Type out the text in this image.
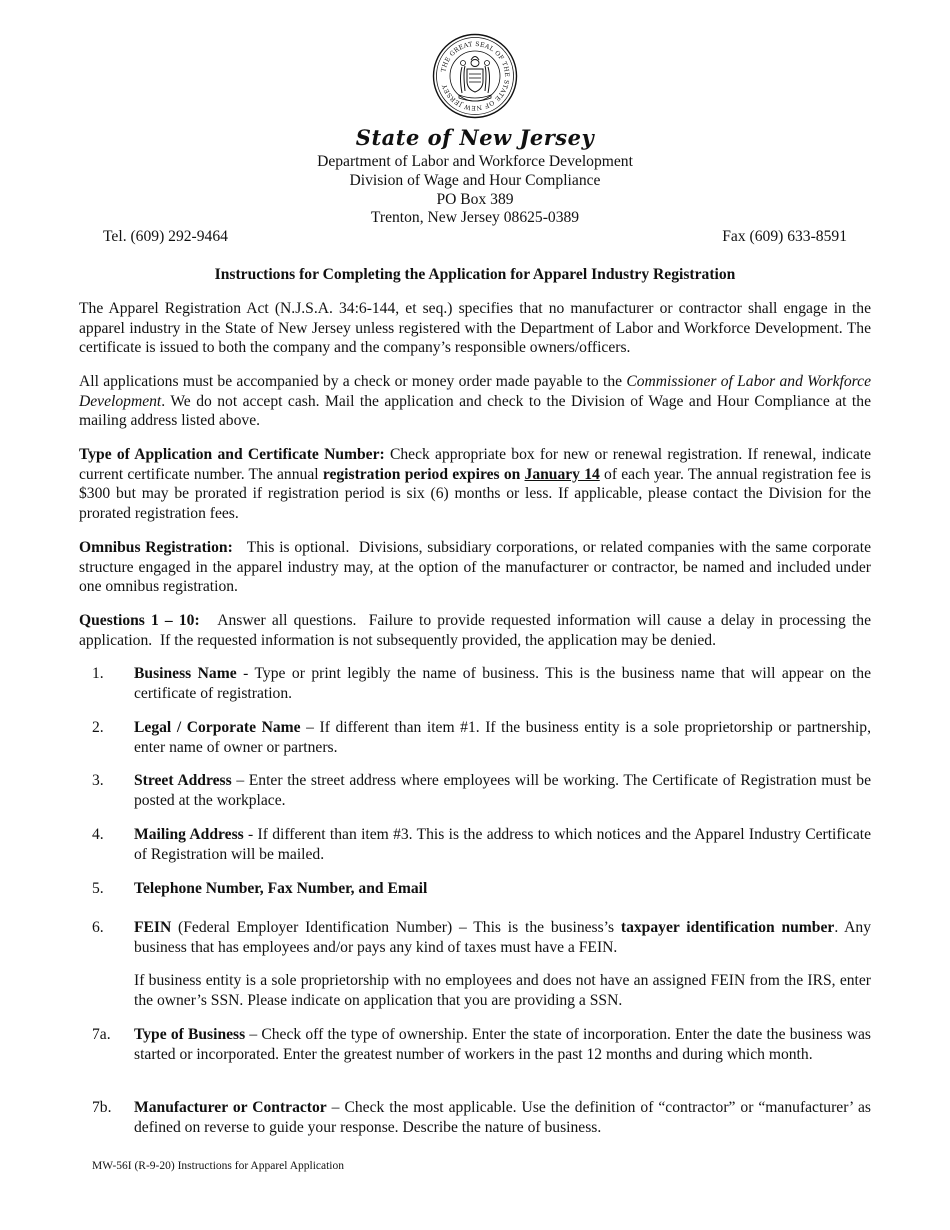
THE GREAT SEAL OF THE STATE OF NEW JERSEY
State of New Jersey
Department of Labor and Workforce Development
Division of Wage and Hour Compliance
PO Box 389
Trenton, New Jersey 08625-0389
Tel. (609) 292-9464	Fax (609) 633-8591
Instructions for Completing the Application for Apparel Industry Registration
The Apparel Registration Act (N.J.S.A. 34:6-144, et seq.) specifies that no manufacturer or contractor shall engage in the apparel industry in the State of New Jersey unless registered with the Department of Labor and Workforce Development. The certificate is issued to both the company and the company’s responsible owners/officers.
All applications must be accompanied by a check or money order made payable to the Commissioner of Labor and Workforce Development. We do not accept cash. Mail the application and check to the Division of Wage and Hour Compliance at the mailing address listed above.
Type of Application and Certificate Number: Check appropriate box for new or renewal registration. If renewal, indicate current certificate number. The annual registration period expires on January 14 of each year. The annual registration fee is $300 but may be prorated if registration period is six (6) months or less. If applicable, please contact the Division for the prorated registration fees.
Omnibus Registration:   This is optional.  Divisions, subsidiary corporations, or related companies with the same corporate structure engaged in the apparel industry may, at the option of the manufacturer or contractor, be named and included under one omnibus registration.
Questions 1 – 10:   Answer all questions.  Failure to provide requested information will cause a delay in processing the application.  If the requested information is not subsequently provided, the application may be denied.
1.	Business Name - Type or print legibly the name of business. This is the business name that will appear on the certificate of registration.
2.	Legal / Corporate Name – If different than item #1. If the business entity is a sole proprietorship or partnership, enter name of owner or partners.
3.	Street Address – Enter the street address where employees will be working. The Certificate of Registration must be posted at the workplace.
4.	Mailing Address - If different than item #3. This is the address to which notices and the Apparel Industry Certificate of Registration will be mailed.
5.	Telephone Number, Fax Number, and Email
6.	FEIN (Federal Employer Identification Number) – This is the business’s taxpayer identification number. Any business that has employees and/or pays any kind of taxes must have a FEIN.
If business entity is a sole proprietorship with no employees and does not have an assigned FEIN from the IRS, enter the owner’s SSN. Please indicate on application that you are providing a SSN.
7a.	Type of Business – Check off the type of ownership. Enter the state of incorporation. Enter the date the business was started or incorporated. Enter the greatest number of workers in the past 12 months and during which month.
7b.	Manufacturer or Contractor – Check the most applicable. Use the definition of “contractor” or “manufacturer’ as defined on reverse to guide your response. Describe the nature of business.
MW-56I (R-9-20) Instructions for Apparel Application
